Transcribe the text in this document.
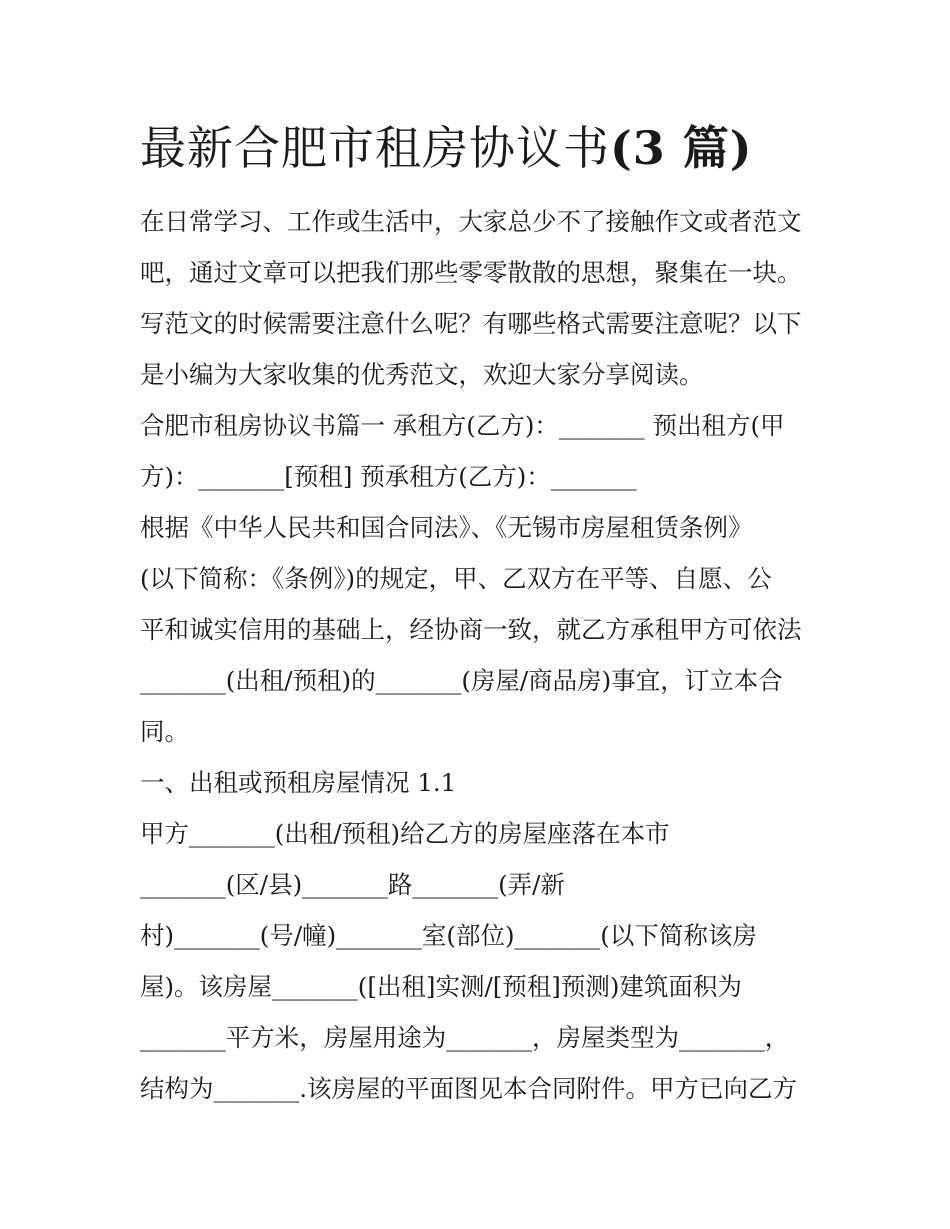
最新合肥市租房协议书(3 篇)

在日常学习、工作或生活中，大家总少不了接触作文或者范文

吧，通过文章可以把我们那些零零散散的思想，聚集在一块。

写范文的时候需要注意什么呢？有哪些格式需要注意呢？以下

是小编为大家收集的优秀范文，欢迎大家分享阅读。

合肥市租房协议书篇一 承租方(乙方)：_______ 预出租方(甲

方)：_______[预租] 预承租方(乙方)：_______

根据《中华人民共和国合同法》、《无锡市房屋租赁条例》

(以下简称：《条例》)的规定，甲、乙双方在平等、自愿、公

平和诚实信用的基础上，经协商一致，就乙方承租甲方可依法

_______(出租/预租)的_______(房屋/商品房)事宜，订立本合

同。

一、出租或预租房屋情况 1.1

甲方_______(出租/预租)给乙方的房屋座落在本市

_______(区/县)_______路_______(弄/新

村)_______(号/幢)_______室(部位)_______(以下简称该房

屋)。该房屋_______([出租]实测/[预租]预测)建筑面积为

_______平方米，房屋用途为_______，房屋类型为_______，

结构为_______.该房屋的平面图见本合同附件。甲方已向乙方
